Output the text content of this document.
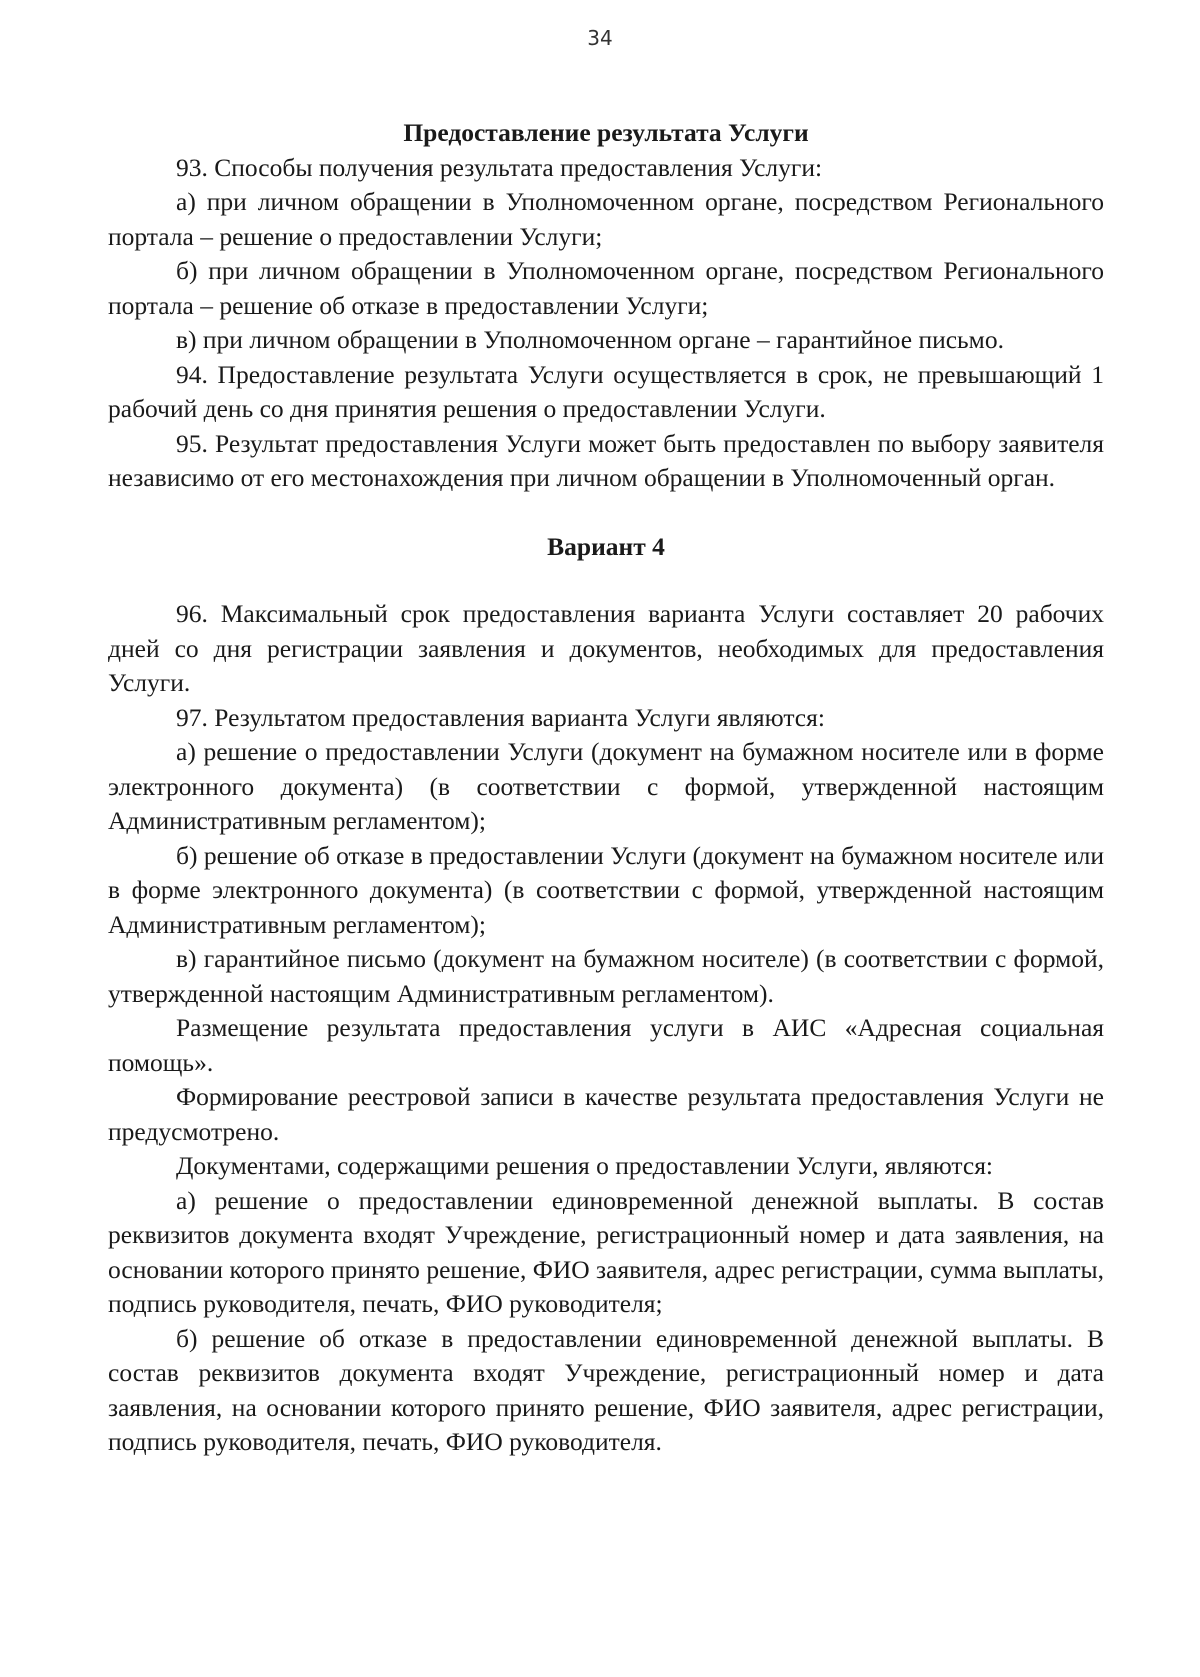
34
Предоставление результата Услуги

93. Способы получения результата предоставления Услуги:

а) при личном обращении в Уполномоченном органе, посредством Регионального портала – решение о предоставлении Услуги;

б) при личном обращении в Уполномоченном органе, посредством Регионального портала – решение об отказе в предоставлении Услуги;

в) при личном обращении в Уполномоченном органе – гарантийное письмо.

94. Предоставление результата Услуги осуществляется в срок, не превышающий 1 рабочий день со дня принятия решения о предоставлении Услуги.

95. Результат предоставления Услуги может быть предоставлен по выбору заявителя независимо от его местонахождения при личном обращении в Уполномоченный орган.

Вариант 4

96. Максимальный срок предоставления варианта Услуги составляет 20 рабочих дней со дня регистрации заявления и документов, необходимых для предоставления Услуги.

97. Результатом предоставления варианта Услуги являются:

а) решение о предоставлении Услуги (документ на бумажном носителе или в форме электронного документа) (в соответствии с формой, утвержденной настоящим Административным регламентом);

б) решение об отказе в предоставлении Услуги (документ на бумажном носителе или в форме электронного документа) (в соответствии с формой, утвержденной настоящим Административным регламентом);

в) гарантийное письмо (документ на бумажном носителе) (в соответствии с формой, утвержденной настоящим Административным регламентом).

Размещение результата предоставления услуги в АИС «Адресная социальная помощь».

Формирование реестровой записи в качестве результата предоставления Услуги не предусмотрено.

Документами, содержащими решения о предоставлении Услуги, являются:

а) решение о предоставлении единовременной денежной выплаты. В состав реквизитов документа входят Учреждение, регистрационный номер и дата заявления, на основании которого принято решение, ФИО заявителя, адрес регистрации, сумма выплаты, подпись руководителя, печать, ФИО руководителя;

б) решение об отказе в предоставлении единовременной денежной выплаты. В состав реквизитов документа входят Учреждение, регистрационный номер и дата заявления, на основании которого принято решение, ФИО заявителя, адрес регистрации, подпись руководителя, печать, ФИО руководителя.
